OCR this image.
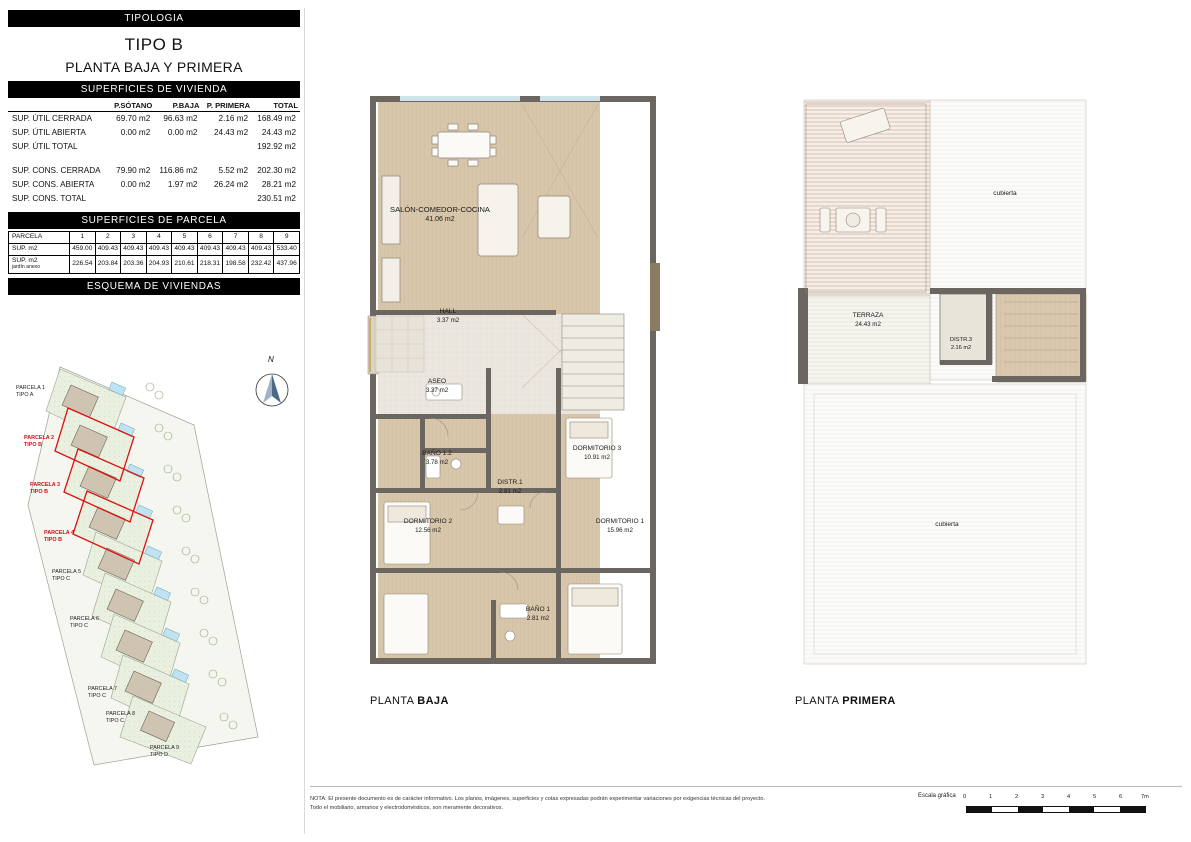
TIPOLOGIA
TIPO B
PLANTA BAJA Y PRIMERA
SUPERFICIES DE VIVIENDA
	P.SÓTANO	P.BAJA	P. PRIMERA	TOTAL
SUP. ÚTIL CERRADA	69.70 m2	96.63 m2	2.16 m2	168.49 m2
SUP. ÚTIL ABIERTA	0.00 m2	0.00 m2	24.43 m2	24.43 m2
SUP. ÚTIL TOTAL				192.92 m2

SUP. CONS. CERRADA	79.90 m2	116.86 m2	5.52 m2	202.30 m2
SUP. CONS. ABIERTA	0.00 m2	1.97 m2	26.24 m2	28.21 m2
SUP. CONS. TOTAL				230.51 m2
SUPERFICIES DE PARCELA
PARCELA	1	2	3	4	5	6	7	8	9
SUP. m2	459.00	409.43	409.43	409.43	409.43	409.43	409.43	409.43	533.40
SUP. m2
jardín anexo	226.54	203.84	203.36	204.93	210.61	218.31	198.58	232.42	437.96
ESQUEMA DE VIVIENDAS
N
PARCELA 1
TIPO A
PARCELA 2
TIPO B
PARCELA 3
TIPO B
PARCELA 4
TIPO B
PARCELA 5
TIPO C
PARCELA 6
TIPO C
PARCELA 7
TIPO C
PARCELA 8
TIPO C
PARCELA 9
TIPO D
SALÓN-COMEDOR-COCINA
41.06 m2
HALL
3.37 m2
ASEO
3.37 m2
BAÑO 1.2
3.78 m2
DISTR.1
2.81 m2
DORMITORIO 3
10.91 m2
DORMITORIO 2
12.56 m2
DORMITORIO 1
15.96 m2
BAÑO 1
2.81 m2
PLANTA BAJA
cubierta
TERRAZA
24.43 m2
DISTR.3
2.16 m2
cubierta
PLANTA PRIMERA
NOTA: El presente documento es de carácter informativo. Los planos, imágenes, superficies y cotas expresadas podrán experimentar variaciones por exigencias técnicas del proyecto.
Todo el mobiliario, armarios y electrodomésticos, son meramente decorativos.
Escala gráfica 0	1	2	3	4	5	6	7m
